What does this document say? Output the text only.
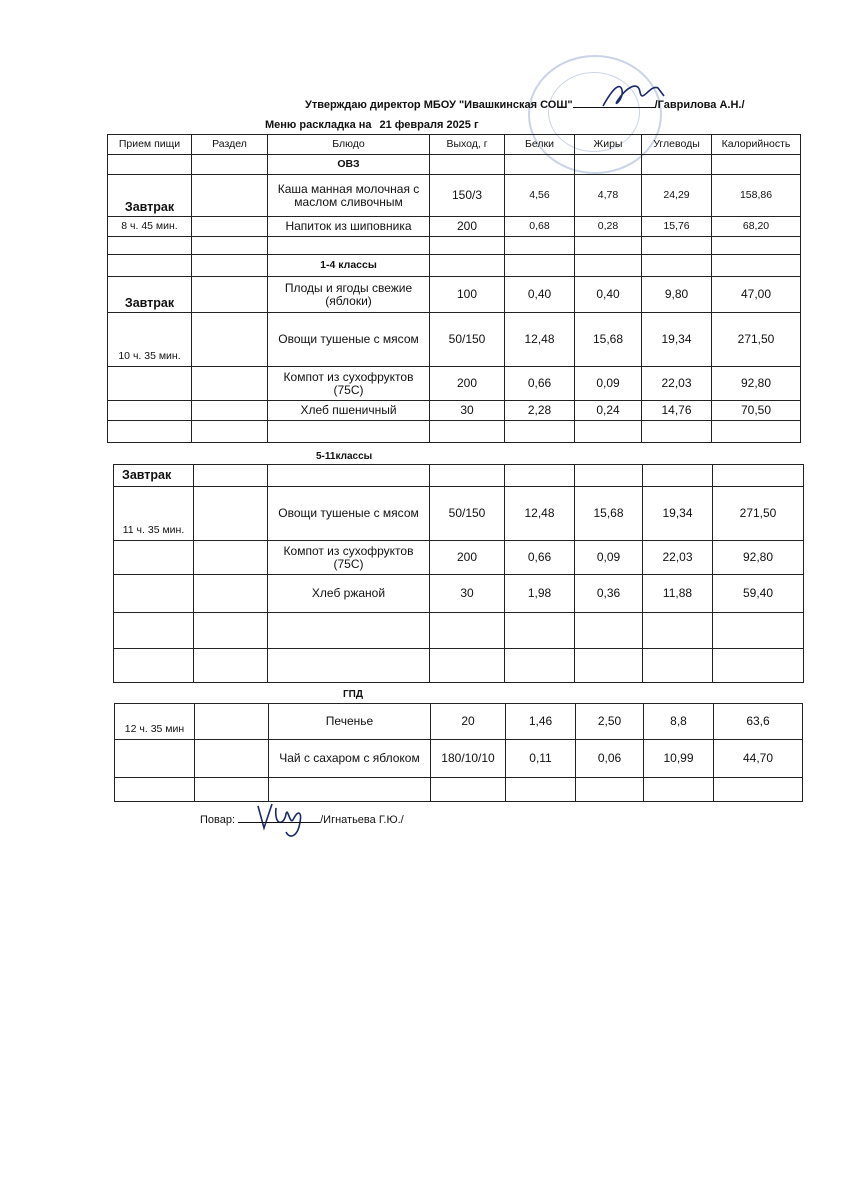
Утверждаю директор МБОУ "Ивашкинская СОШ"	/Гаврилова А.Н./
Меню раскладка на 21 февраля 2025 г
Прием пищи	Раздел	Блюдо	Выход, г	Белки	Жиры	Углеводы	Калорийность
		ОВЗ					
Завтрак		Каша манная молочная с маслом сливочным	150/3	4,56	4,78	24,29	158,86
8 ч. 45 мин.		Напиток из шиповника	200	0,68	0,28	15,76	68,20

		1-4 классы					
Завтрак		Плоды и ягоды свежие (яблоки)	100	0,40	0,40	9,80	47,00
10 ч. 35 мин.		Овощи тушеные с мясом	50/150	12,48	15,68	19,34	271,50
		Компот из сухофруктов (75С)	200	0,66	0,09	22,03	92,80
		Хлеб пшеничный	30	2,28	0,24	14,76	70,50

5-11классы
Завтрак							
11 ч. 35 мин.		Овощи тушеные с мясом	50/150	12,48	15,68	19,34	271,50
		Компот из сухофруктов (75С)	200	0,66	0,09	22,03	92,80
		Хлеб ржаной	30	1,98	0,36	11,88	59,40

ГПД
12 ч. 35 мин		Печенье	20	1,46	2,50	8,8	63,6
		Чай с сахаром с яблоком	180/10/10	0,11	0,06	10,99	44,70

Повар:	/Игнатьева Г.Ю./
